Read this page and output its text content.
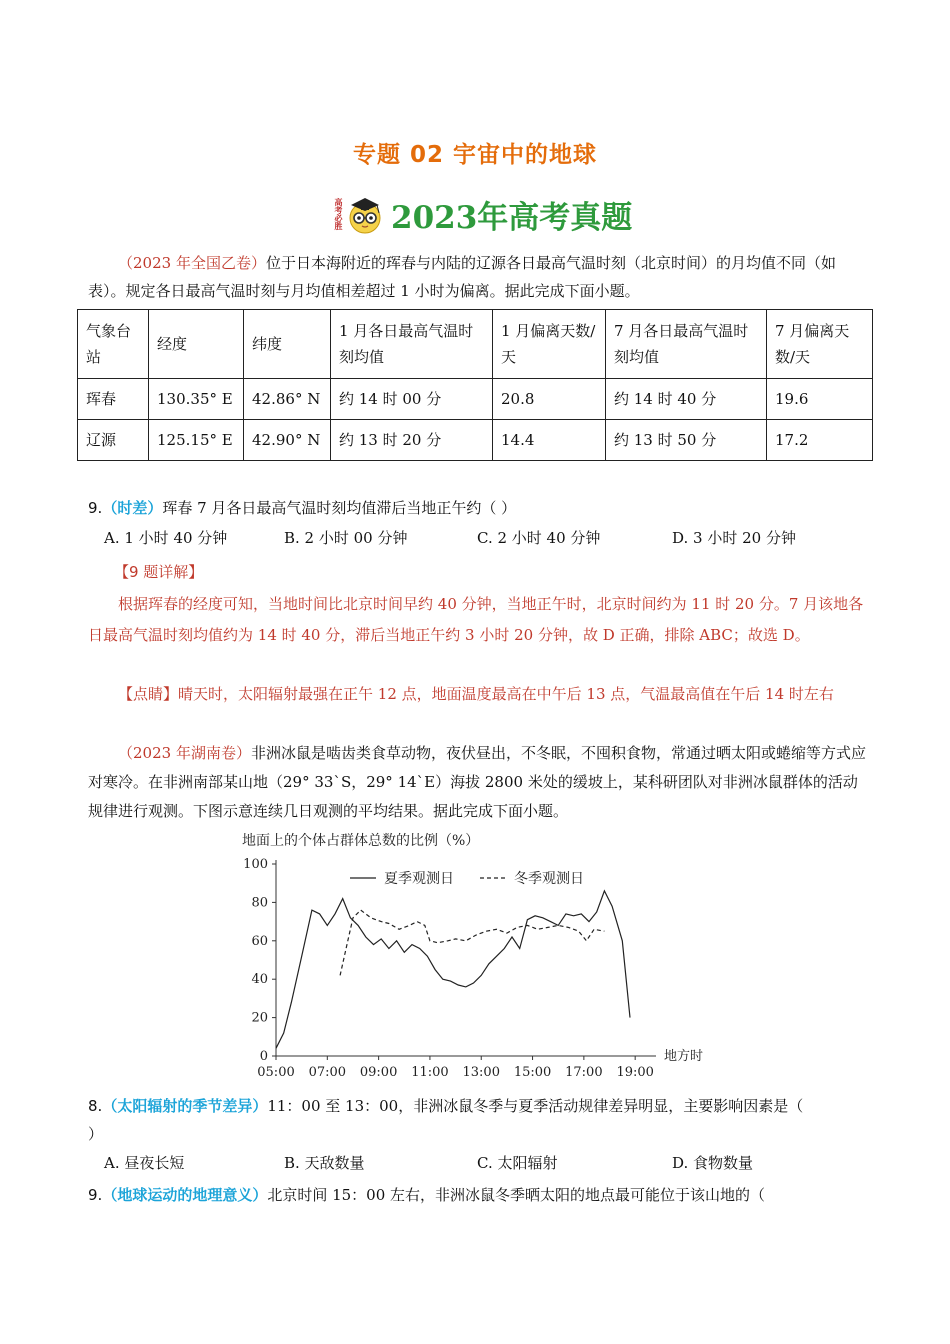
专题 02 宇宙中的地球
高考必胜 2023年高考真题
（2023 年全国乙卷）位于日本海附近的珲春与内陆的辽源各日最高气温时刻（北京时间）的月均值不同（如表）。规定各日最高气温时刻与月均值相差超过 1 小时为偏离。据此完成下面小题。
气象台站	经度	纬度	1 月各日最高气温时刻均值	1 月偏离天数/天	7 月各日最高气温时刻均值	7 月偏离天数/天
珲春	130.35° E	42.86° N	约 14 时 00 分	20.8	约 14 时 40 分	19.6
辽源	125.15° E	42.90° N	约 13 时 20 分	14.4	约 13 时 50 分	17.2
9.（时差）珲春 7 月各日最高气温时刻均值滞后当地正午约（ ）
A. 1 小时 40 分钟	B. 2 小时 00 分钟	C. 2 小时 40 分钟	D. 3 小时 20 分钟
【9 题详解】
根据珲春的经度可知，当地时间比北京时间早约 40 分钟，当地正午时，北京时间约为 11 时 20 分。7 月该地各日最高气温时刻均值约为 14 时 40 分，滞后当地正午约 3 小时 20 分钟，故 D 正确，排除 ABC；故选 D。
【点睛】晴天时，太阳辐射最强在正午 12 点，地面温度最高在中午后 13 点，气温最高值在午后 14 时左右
（2023 年湖南卷）非洲冰鼠是啮齿类食草动物，夜伏昼出，不冬眠，不囤积食物，常通过晒太阳或蜷缩等方式应对寒冷。在非洲南部某山地（29° 33`S，29° 14`E）海拔 2800 米处的缓坡上，某科研团队对非洲冰鼠群体的活动规律进行观测。下图示意连续几日观测的平均结果。据此完成下面小题。
地面上的个体占群体总数的比例（%）
0
20
40
60
80
100
05:00 07:00 09:00 11:00 13:00 15:00 17:00 19:00
地方时
夏季观测日	冬季观测日
8.（太阳辐射的季节差异）11：00 至 13：00，非洲冰鼠冬季与夏季活动规律差异明显，主要影响因素是（
）
A. 昼夜长短	B. 天敌数量	C. 太阳辐射	D. 食物数量
9.（地球运动的地理意义）北京时间 15：00 左右，非洲冰鼠冬季晒太阳的地点最可能位于该山地的（
